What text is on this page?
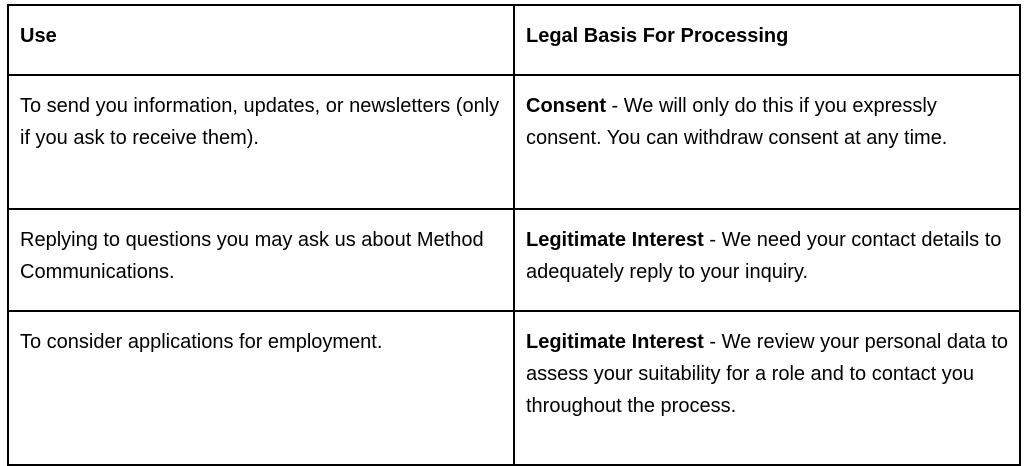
Use	Legal Basis For Processing
To send you information, updates, or newsletters (only if you ask to receive them).	Consent - We will only do this if you expressly consent. You can withdraw consent at any time.
Replying to questions you may ask us about Method Communications.	Legitimate Interest - We need your contact details to adequately reply to your inquiry.
To consider applications for employment.	Legitimate Interest - We review your personal data to assess your suitability for a role and to contact you throughout the process.
